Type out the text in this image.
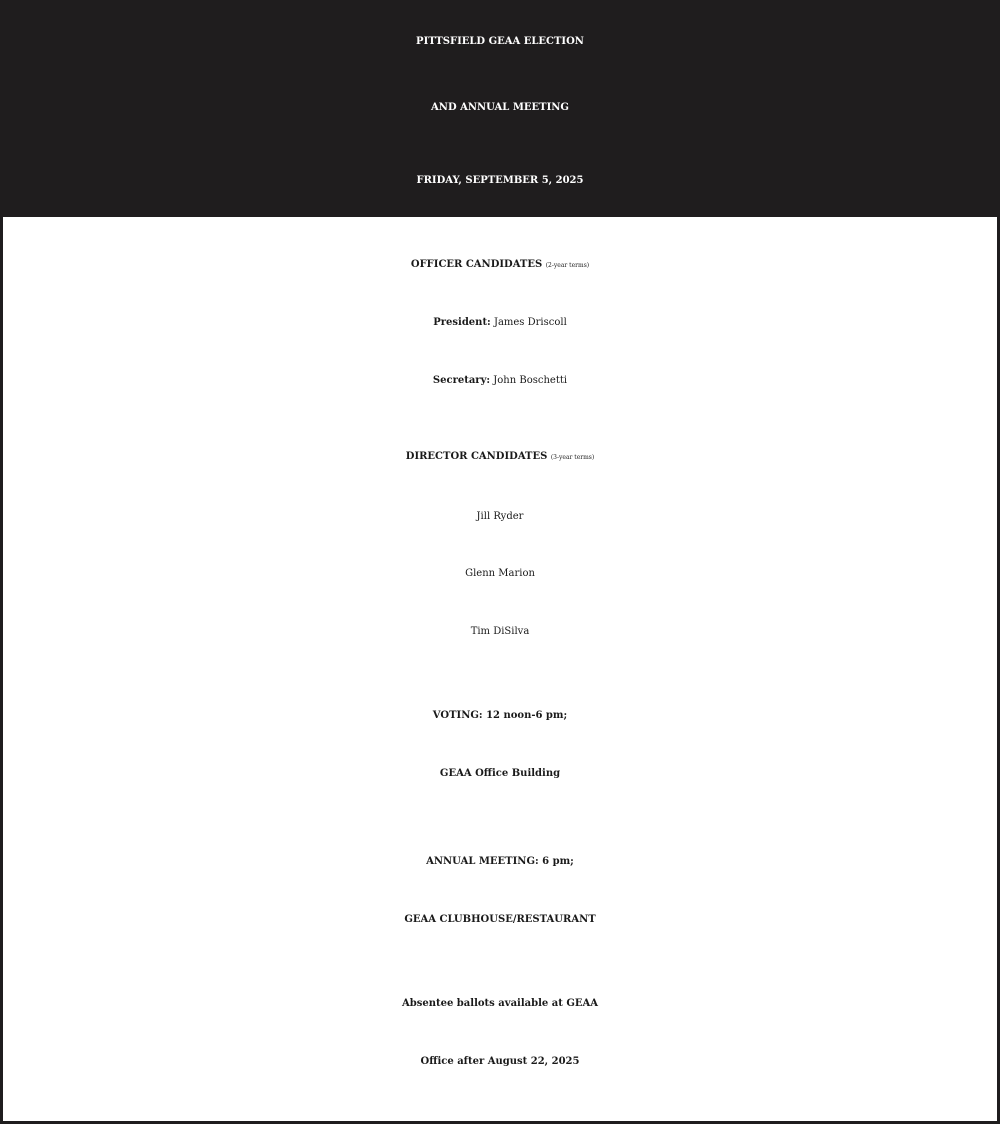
PITTSFIELD GEAA ELECTION
AND ANNUAL MEETING
FRIDAY, SEPTEMBER 5, 2025
OFFICER CANDIDATES (2-year terms)
President: James Driscoll
Secretary: John Boschetti
DIRECTOR CANDIDATES (3-year terms)
Jill Ryder
Glenn Marion
Tim DiSilva
VOTING: 12 noon-6 pm;
GEAA Office Building
ANNUAL MEETING: 6 pm;
GEAA CLUBHOUSE/RESTAURANT
Absentee ballots available at GEAA
Office after August 22, 2025
